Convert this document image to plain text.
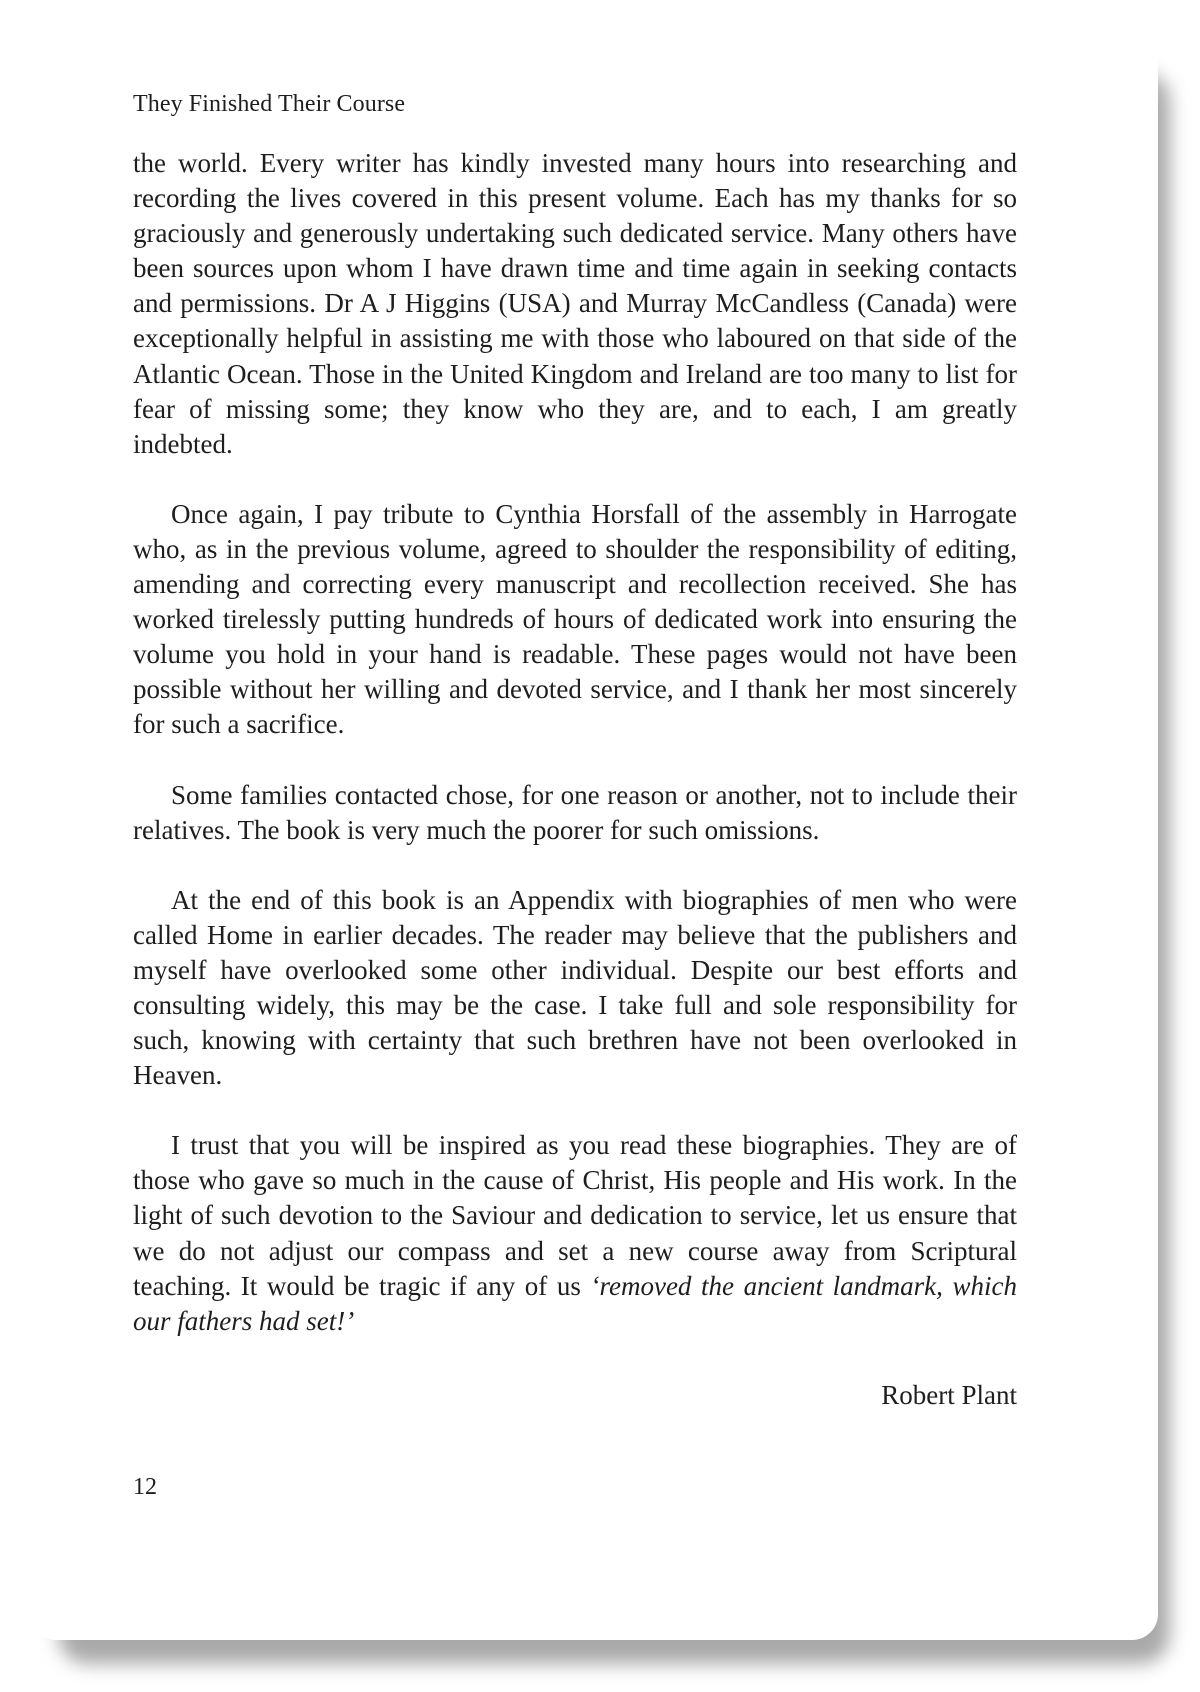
They Finished Their Course

the world. Every writer has kindly invested many hours into researching and recording the lives covered in this present volume. Each has my thanks for so graciously and generously undertaking such dedicated service. Many others have been sources upon whom I have drawn time and time again in seeking contacts and permissions. Dr A J Higgins (USA) and Murray McCandless (Canada) were exceptionally helpful in assisting me with those who laboured on that side of the Atlantic Ocean. Those in the United Kingdom and Ireland are too many to list for fear of missing some; they know who they are, and to each, I am greatly indebted.

Once again, I pay tribute to Cynthia Horsfall of the assembly in Harrogate who, as in the previous volume, agreed to shoulder the responsibility of editing, amending and correcting every manuscript and recollection received. She has worked tirelessly putting hundreds of hours of dedicated work into ensuring the volume you hold in your hand is readable. These pages would not have been possible without her willing and devoted service, and I thank her most sincerely for such a sacrifice.

Some families contacted chose, for one reason or another, not to include their relatives. The book is very much the poorer for such omissions.

At the end of this book is an Appendix with biographies of men who were called Home in earlier decades. The reader may believe that the publishers and myself have overlooked some other individual. Despite our best efforts and consulting widely, this may be the case. I take full and sole responsibility for such, knowing with certainty that such brethren have not been overlooked in Heaven.

I trust that you will be inspired as you read these biographies. They are of those who gave so much in the cause of Christ, His people and His work. In the light of such devotion to the Saviour and dedication to service, let us ensure that we do not adjust our compass and set a new course away from Scriptural teaching. It would be tragic if any of us ‘removed the ancient landmark, which our fathers had set!’

Robert Plant
12
